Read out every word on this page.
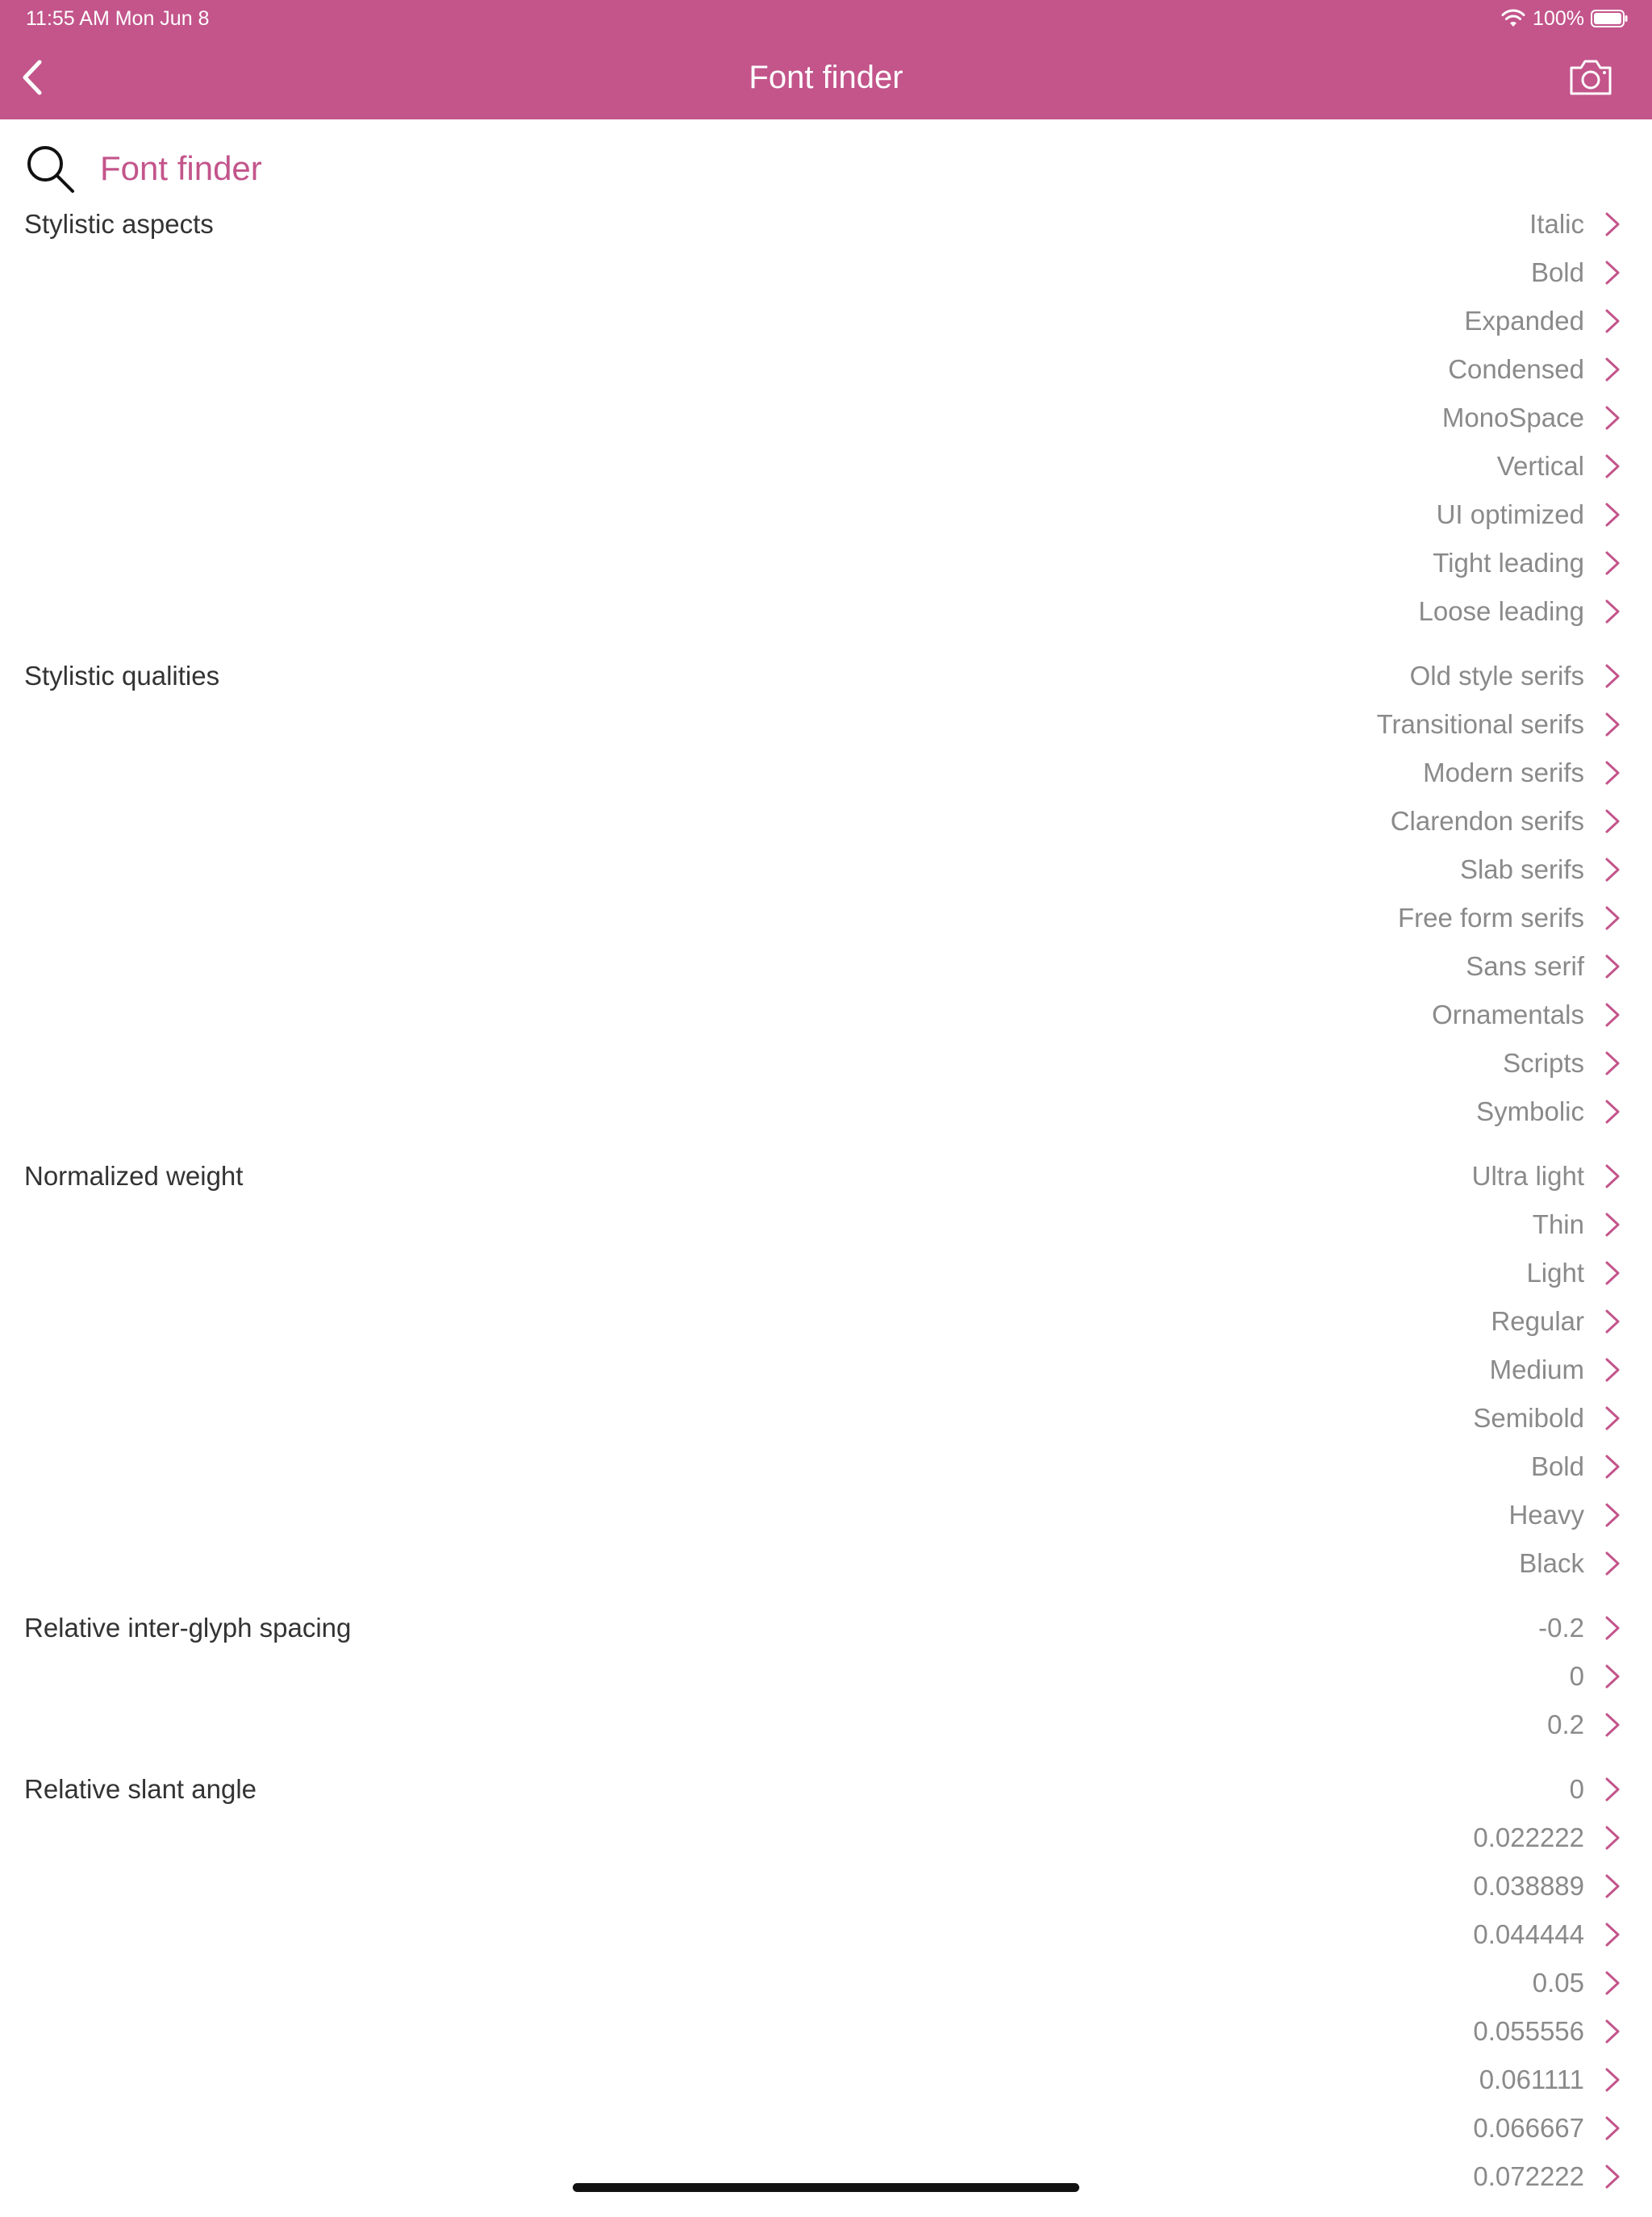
11:55 AM Mon Jun 8	100%
Font finder
Font finder
Stylistic aspects	Italic
Bold
Expanded
Condensed
MonoSpace
Vertical
UI optimized
Tight leading
Loose leading
Stylistic qualities	Old style serifs
Transitional serifs
Modern serifs
Clarendon serifs
Slab serifs
Free form serifs
Sans serif
Ornamentals
Scripts
Symbolic
Normalized weight	Ultra light
Thin
Light
Regular
Medium
Semibold
Bold
Heavy
Black
Relative inter-glyph spacing	-0.2
0
0.2
Relative slant angle	0
0.022222
0.038889
0.044444
0.05
0.055556
0.061111
0.066667
0.072222
